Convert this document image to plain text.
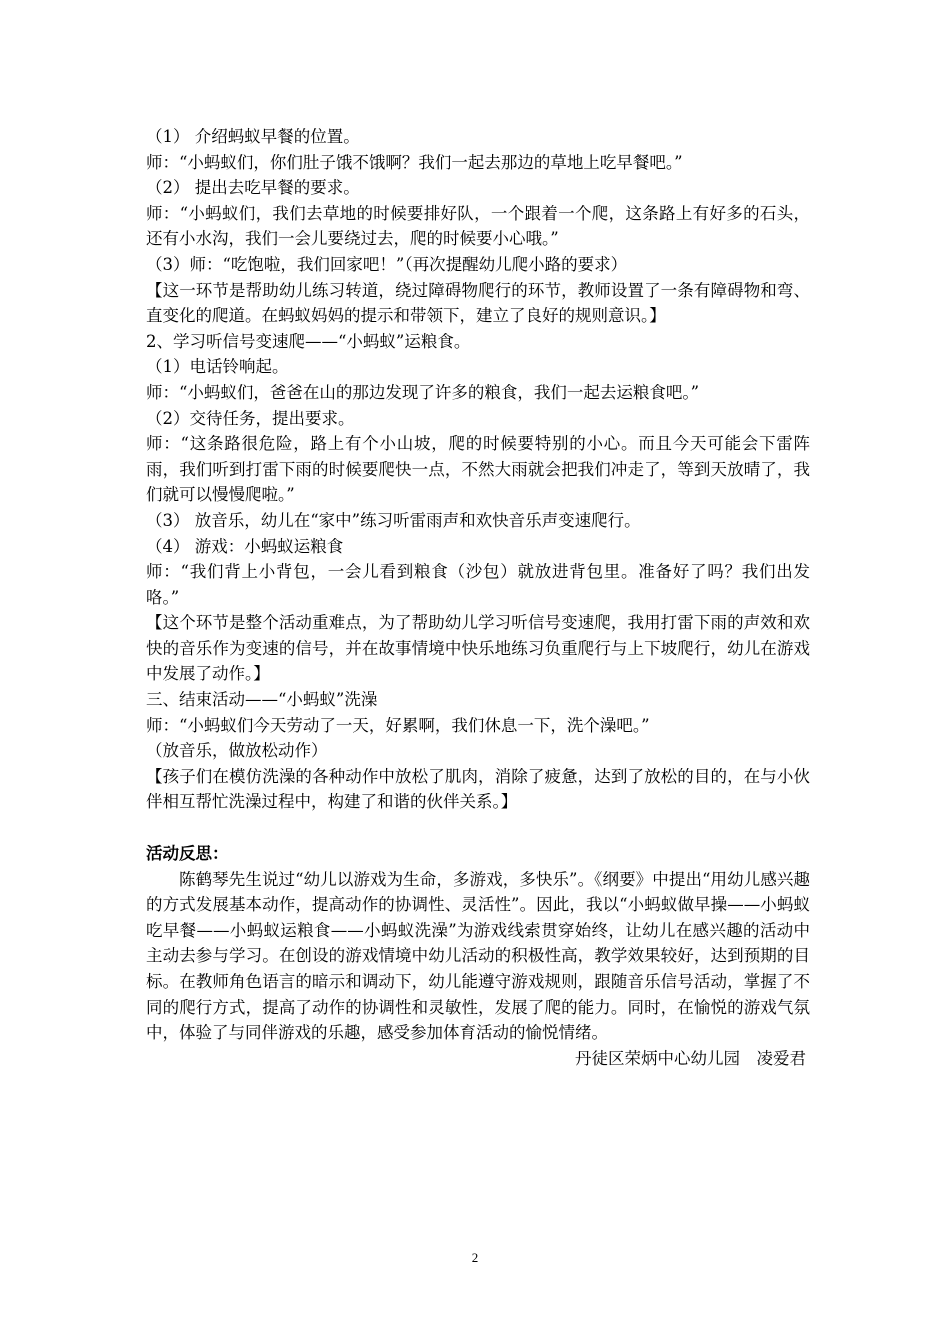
（1） 介绍蚂蚁早餐的位置。

师：“小蚂蚁们，你们肚子饿不饿啊？我们一起去那边的草地上吃早餐吧。”

（2） 提出去吃早餐的要求。

师：“小蚂蚁们，我们去草地的时候要排好队，一个跟着一个爬，这条路上有好多的石头，还有小水沟，我们一会儿要绕过去，爬的时候要小心哦。”

（3）师：“吃饱啦，我们回家吧！”（再次提醒幼儿爬小路的要求）

【这一环节是帮助幼儿练习转道，绕过障碍物爬行的环节，教师设置了一条有障碍物和弯、直变化的爬道。在蚂蚁妈妈的提示和带领下，建立了良好的规则意识。】

2、学习听信号变速爬——“小蚂蚁”运粮食。

（1）电话铃响起。

师：“小蚂蚁们，爸爸在山的那边发现了许多的粮食，我们一起去运粮食吧。”

（2）交待任务，提出要求。

师：“这条路很危险，路上有个小山坡，爬的时候要特别的小心。而且今天可能会下雷阵雨，我们听到打雷下雨的时候要爬快一点，不然大雨就会把我们冲走了，等到天放晴了，我们就可以慢慢爬啦。”

（3） 放音乐，幼儿在“家中”练习听雷雨声和欢快音乐声变速爬行。

（4） 游戏：小蚂蚁运粮食

师：“我们背上小背包，一会儿看到粮食（沙包）就放进背包里。准备好了吗？我们出发咯。”

【这个环节是整个活动重难点，为了帮助幼儿学习听信号变速爬，我用打雷下雨的声效和欢快的音乐作为变速的信号，并在故事情境中快乐地练习负重爬行与上下坡爬行，幼儿在游戏中发展了动作。】

三、结束活动——“小蚂蚁”洗澡

师：“小蚂蚁们今天劳动了一天，好累啊，我们休息一下，洗个澡吧。”

（放音乐，做放松动作）

【孩子们在模仿洗澡的各种动作中放松了肌肉，消除了疲惫，达到了放松的目的，在与小伙伴相互帮忙洗澡过程中，构建了和谐的伙伴关系。】

活动反思：

陈鹤琴先生说过“幼儿以游戏为生命，多游戏，多快乐”。《纲要》中提出“用幼儿感兴趣的方式发展基本动作，提高动作的协调性、灵活性”。因此，我以“小蚂蚁做早操——小蚂蚁吃早餐——小蚂蚁运粮食——小蚂蚁洗澡”为游戏线索贯穿始终，让幼儿在感兴趣的活动中主动去参与学习。在创设的游戏情境中幼儿活动的积极性高，教学效果较好，达到预期的目标。在教师角色语言的暗示和调动下，幼儿能遵守游戏规则，跟随音乐信号活动，掌握了不同的爬行方式，提高了动作的协调性和灵敏性，发展了爬的能力。同时，在愉悦的游戏气氛中，体验了与同伴游戏的乐趣，感受参加体育活动的愉悦情绪。

丹徒区荣炳中心幼儿园　凌爱君

2
